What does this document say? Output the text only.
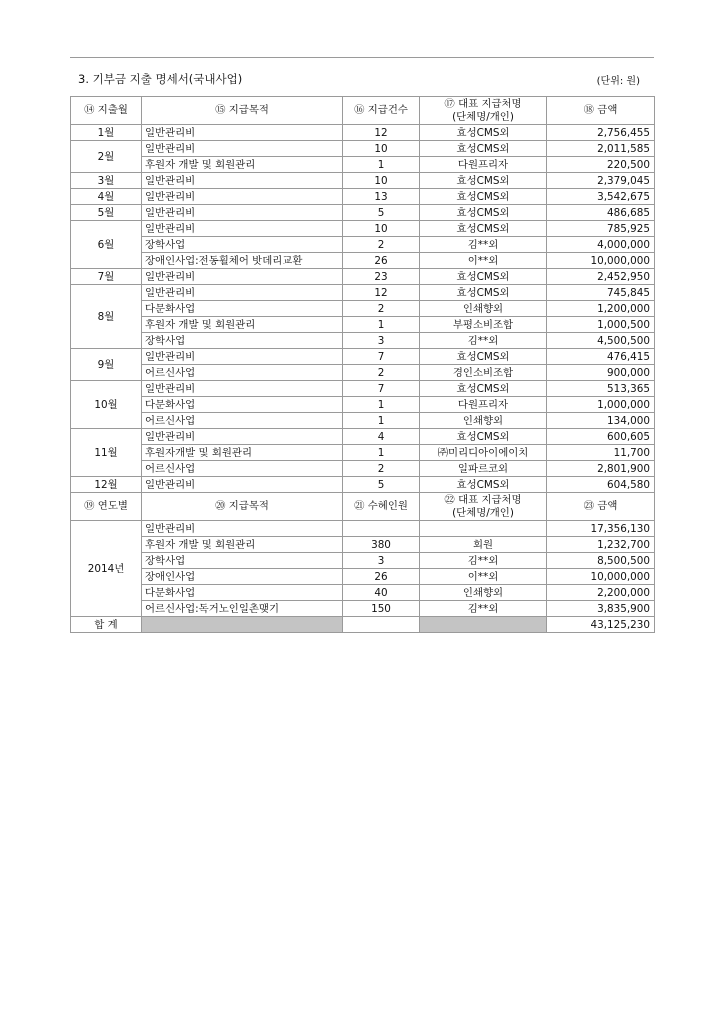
3. 기부금 지출 명세서(국내사업)	(단위: 원)
⑭ 지출월	⑮ 지급목적	⑯ 지급건수	⑰ 대표 지급처명
(단체명/개인)	⑱ 금액
1월	일반관리비	12	효성CMS외	2,756,455
2월	일반관리비	10	효성CMS외	2,011,585
	후원자 개발 및 회원관리	1	다원프리자	220,500
3월	일반관리비	10	효성CMS외	2,379,045
4월	일반관리비	13	효성CMS외	3,542,675
5월	일반관리비	5	효성CMS외	486,685
6월	일반관리비	10	효성CMS외	785,925
	장학사업	2	김**외	4,000,000
	장애인사업:전동휠체어 밧데리교환	26	이**외	10,000,000
7월	일반관리비	23	효성CMS외	2,452,950
8월	일반관리비	12	효성CMS외	745,845
	다문화사업	2	인쇄향외	1,200,000
	후원자 개발 및 회원관리	1	부평소비조합	1,000,500
	장학사업	3	김**외	4,500,500
9월	일반관리비	7	효성CMS외	476,415
	어르신사업	2	경인소비조합	900,000
10월	일반관리비	7	효성CMS외	513,365
	다문화사업	1	다원프리자	1,000,000
	어르신사업	1	인쇄향외	134,000
11월	일반관리비	4	효성CMS외	600,605
	후원자개발 및 회원관리	1	㈜미리디아이에이치	11,700
	어르신사업	2	일파르코외	2,801,900
12월	일반관리비	5	효성CMS외	604,580
⑲ 연도별	⑳ 지급목적	㉑ 수혜인원	㉒ 대표 지급처명
(단체명/개인)	㉓ 금액
2014년	일반관리비			17,356,130
	후원자 개발 및 회원관리	380	회원	1,232,700
	장학사업	3	김**외	8,500,500
	장애인사업	26	이**외	10,000,000
	다문화사업	40	인쇄향외	2,200,000
	어르신사업:독거노인일촌맺기	150	김**외	3,835,900
합 계				43,125,230
